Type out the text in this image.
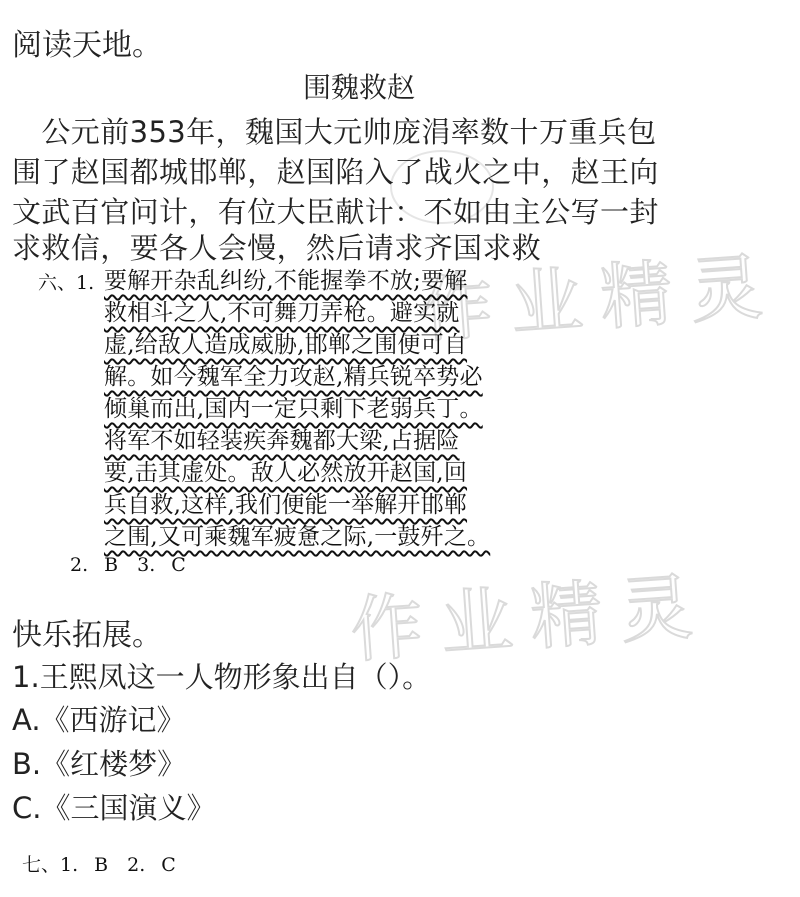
作业精灵
作业精灵
阅读天地。
围魏救赵
　公元前353年，魏国大元帅庞涓率数十万重兵包
围了赵国都城邯郸，赵国陷入了战火之中，赵王向
文武百官问计，有位大臣献计：不如由主公写一封
求救信，要各人会慢，然后请求齐国求救
六、1. 要解开杂乱纠纷,不能握拳不放;要解
救相斗之人,不可舞刀弄枪。避实就
虚,给敌人造成威胁,邯郸之围便可自
解。如今魏军全力攻赵,精兵锐卒势必
倾巢而出,国内一定只剩下老弱兵丁。
将军不如轻装疾奔魏都大梁,占据险
要,击其虚处。敌人必然放开赵国,回
兵自救,这样,我们便能一举解开邯郸
之围,又可乘魏军疲惫之际,一鼓歼之。
2. B　3. C
快乐拓展。
1.王熙凤这一人物形象出自（）。
A.《西游记》
B.《红楼梦》
C.《三国演义》
七、1. B　2. C
